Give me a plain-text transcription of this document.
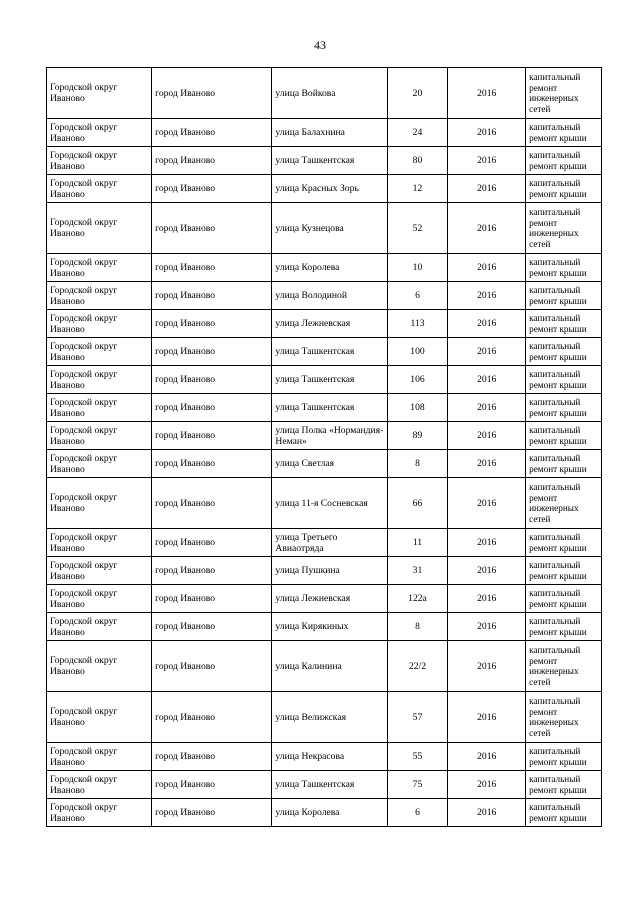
43
Городской округ Иваново	город Иваново	улица Войкова	20	2016	капитальный ремонт инженерных сетей
Городской округ Иваново	город Иваново	улица Балахнина	24	2016	капитальный ремонт крыши
Городской округ Иваново	город Иваново	улица Ташкентская	80	2016	капитальный ремонт крыши
Городской округ Иваново	город Иваново	улица Красных Зорь	12	2016	капитальный ремонт крыши
Городской округ Иваново	город Иваново	улица Кузнецова	52	2016	капитальный ремонт инженерных сетей
Городской округ Иваново	город Иваново	улица Королева	10	2016	капитальный ремонт крыши
Городской округ Иваново	город Иваново	улица Володиной	6	2016	капитальный ремонт крыши
Городской округ Иваново	город Иваново	улица Лежневская	113	2016	капитальный ремонт крыши
Городской округ Иваново	город Иваново	улица Ташкентская	100	2016	капитальный ремонт крыши
Городской округ Иваново	город Иваново	улица Ташкентская	106	2016	капитальный ремонт крыши
Городской округ Иваново	город Иваново	улица Ташкентская	108	2016	капитальный ремонт крыши
Городской округ Иваново	город Иваново	улица Полка «Нормандия-Неман»	89	2016	капитальный ремонт крыши
Городской округ Иваново	город Иваново	улица Светлая	8	2016	капитальный ремонт крыши
Городской округ Иваново	город Иваново	улица 11-я Сосневская	66	2016	капитальный ремонт инженерных сетей
Городской округ Иваново	город Иваново	улица Третьего Авиаотряда	11	2016	капитальный ремонт крыши
Городской округ Иваново	город Иваново	улица Пушкина	31	2016	капитальный ремонт крыши
Городской округ Иваново	город Иваново	улица Лежневская	122а	2016	капитальный ремонт крыши
Городской округ Иваново	город Иваново	улица Кирякиных	8	2016	капитальный ремонт крыши
Городской округ Иваново	город Иваново	улица Калинина	22/2	2016	капитальный ремонт инженерных сетей
Городской округ Иваново	город Иваново	улица Велижская	57	2016	капитальный ремонт инженерных сетей
Городской округ Иваново	город Иваново	улица Некрасова	55	2016	капитальный ремонт крыши
Городской округ Иваново	город Иваново	улица Ташкентская	75	2016	капитальный ремонт крыши
Городской округ Иваново	город Иваново	улица Королева	6	2016	капитальный ремонт крыши
